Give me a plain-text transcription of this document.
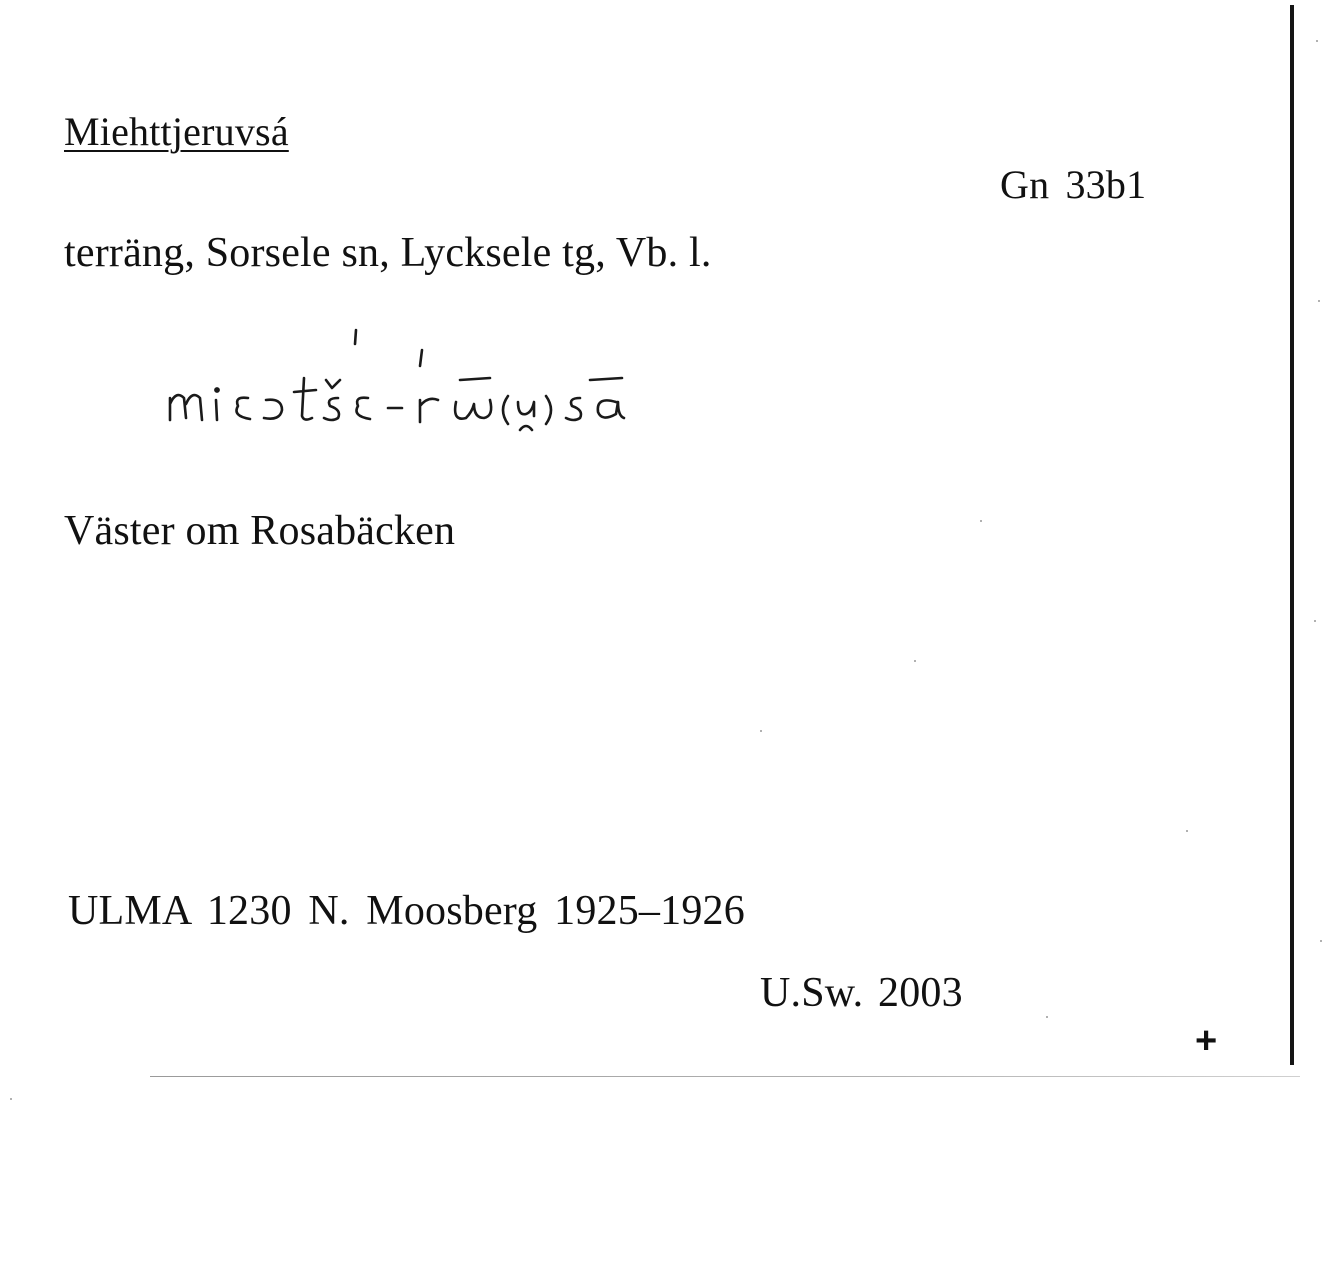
Miehttjeruvsá
Gn 33b1
terräng, Sorsele sn, Lycksele tg, Vb. l.
Väster om Rosabäcken
ULMA 1230 N. Moosberg 1925–1926
U.Sw. 2003
+
